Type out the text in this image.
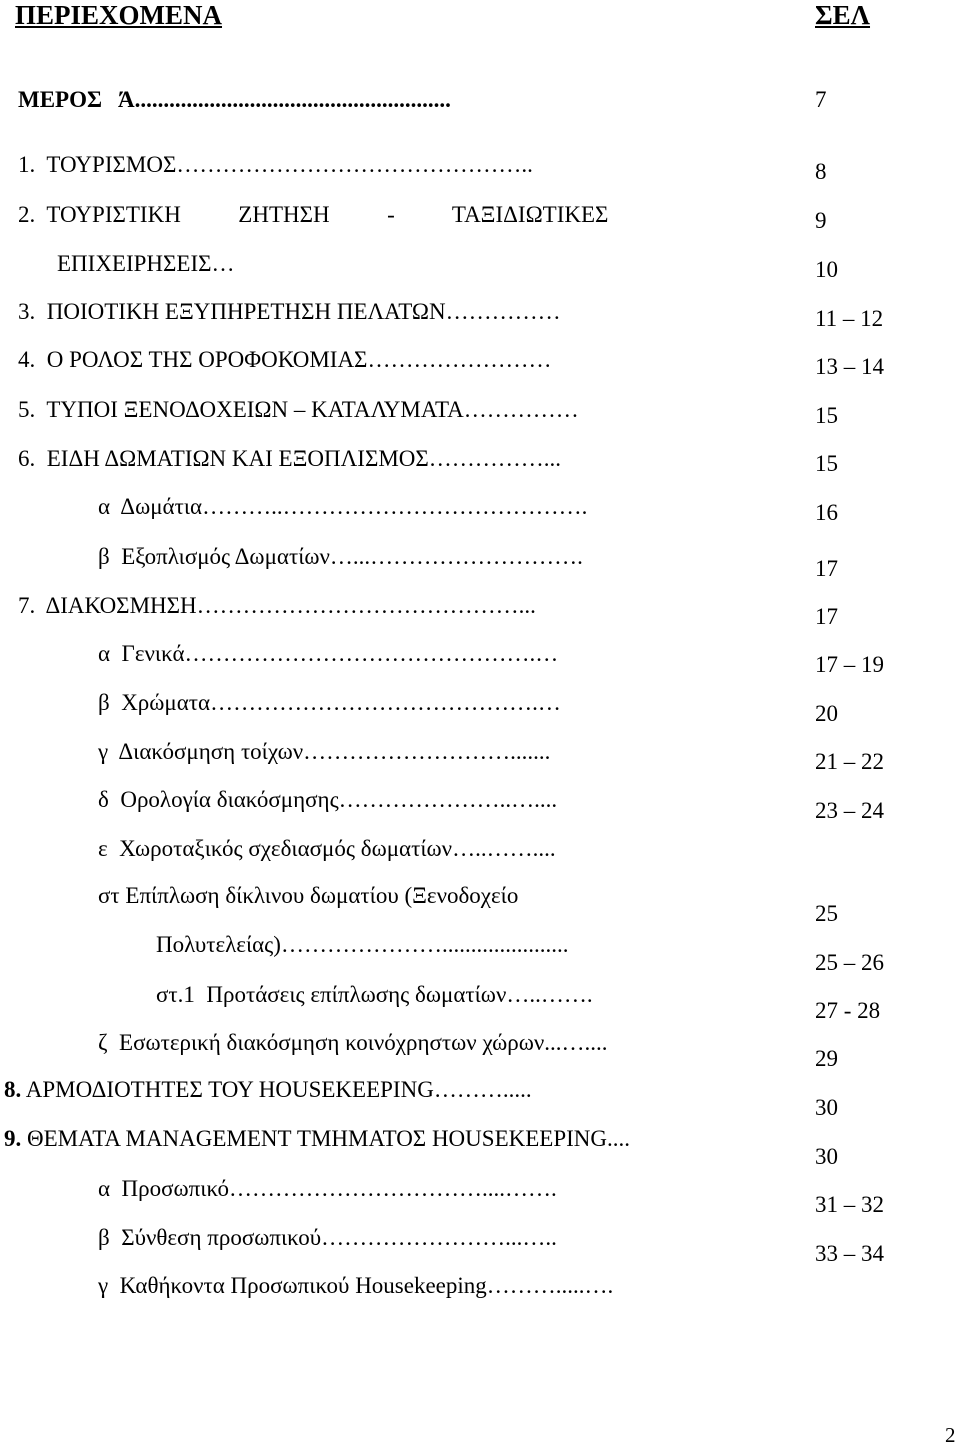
ΠΕΡΙΕΧΟΜΕΝΑ	ΣΕΛ
ΜΕΡΟΣ   Ά.......................................................
1.  ΤΟΥΡΙΣΜΟΣ………………………………………..
2.  ΤΟΥΡΙΣΤΙΚΗ          ΖΗΤΗΣΗ          -          ΤΑΞΙΔΙΩΤΙΚΕΣ
ΕΠΙΧΕΙΡΗΣΕΙΣ…
3.  ΠΟΙΟΤΙΚΗ ΕΞΥΠΗΡΕΤΗΣΗ ΠΕΛΑΤΩΝ……………
4.  Ο ΡΟΛΟΣ ΤΗΣ ΟΡΟΦΟΚΟΜΙΑΣ……………………
5.  ΤΥΠΟΙ ΞΕΝΟΔΟΧΕΙΩΝ – ΚΑΤΑΛΥΜΑΤΑ……………
6.  ΕΙΔΗ ΔΩΜΑΤΙΩΝ ΚΑΙ ΕΞΟΠΛΙΣΜΟΣ……………...
α  Δωμάτια………..………………………………….
β  Εξοπλισμός Δωματίων…...……………………….
7.  ΔΙΑΚΟΣΜΗΣΗ……………………………………...
α  Γενικά……………………………………….…
β  Χρώματα…………………………………….…
γ  Διακόσμηση τοίχων……………………….......
δ  Ορολογία διακόσμησης…………………..…....
ε  Χωροταξικός σχεδιασμός δωματίων…..……....
στ Επίπλωση δίκλινου δωματίου (Ξενοδοχείο
Πολυτελείας)…………………......................
στ.1  Προτάσεις επίπλωσης δωματίων…..…….
ζ  Εσωτερική διακόσμηση κοινόχρηστων χώρων...…....
8. ΑΡΜΟΔΙΟΤΗΤΕΣ ΤΟΥ HOUSEKEEPING……….....
9. ΘΕΜΑΤΑ MANAGEMENT ΤΜΗΜΑΤΟΣ HOUSEKEEPING....
α  Προσωπικό……………………………....…….
β  Σύνθεση προσωπικού……………………...…..
γ  Καθήκοντα Προσωπικού Housekeeping……….....….
7
8
9
10
11 – 12
13 – 14
15
15
16
17
17
17 – 19
20
21 – 22
23 – 24
25
25 – 26
27 - 28
29
30
30
31 – 32
33 – 34
2
